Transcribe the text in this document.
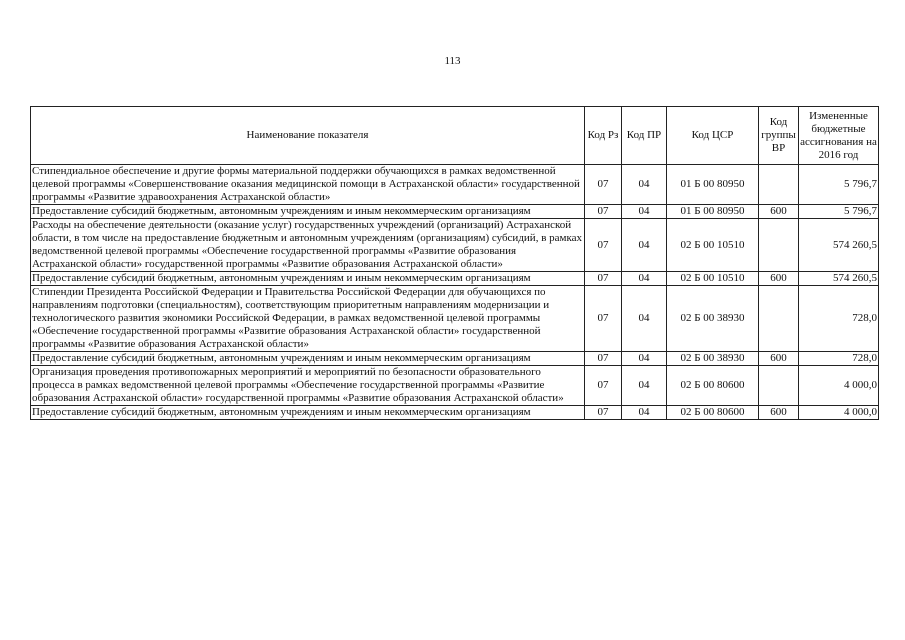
113
Наименование показателя	Код Рз	Код ПР	Код ЦСР	Код группы ВР	Измененные бюджетные ассигнования на 2016 год
Стипендиальное обеспечение и другие формы материальной поддержки обучающихся в рамках ведомственной целевой программы «Совершенствование оказания медицинской помощи в Астраханской области» государственной программы «Развитие здравоохранения Астраханской области»	07	04	01 Б 00 80950		5 796,7
Предоставление субсидий бюджетным, автономным учреждениям и иным некоммерческим организациям	07	04	01 Б 00 80950	600	5 796,7
Расходы на обеспечение деятельности (оказание услуг) государственных учреждений (организаций) Астраханской области, в том числе на предоставление бюджетным и автономным учреждениям (организациям) субсидий, в рамках ведомственной целевой программы «Обеспечение государственной программы «Развитие образования Астраханской области» государственной программы «Развитие образования Астраханской области»	07	04	02 Б 00 10510		574 260,5
Предоставление субсидий бюджетным, автономным учреждениям и иным некоммерческим организациям	07	04	02 Б 00 10510	600	574 260,5
Стипендии Президента Российской Федерации и Правительства Российской Федерации для обучающихся по направлениям подготовки (специальностям), соответствующим приоритетным направлениям модернизации и технологического развития экономики Российской Федерации, в рамках ведомственной целевой программы «Обеспечение государственной программы «Развитие образования Астраханской области» государственной программы «Развитие образования Астраханской области»	07	04	02 Б 00 38930		728,0
Предоставление субсидий бюджетным, автономным учреждениям и иным некоммерческим организациям	07	04	02 Б 00 38930	600	728,0
Организация проведения противопожарных мероприятий и мероприятий по безопасности образовательного процесса в рамках ведомственной целевой программы «Обеспечение государственной программы «Развитие образования Астраханской области» государственной программы «Развитие образования Астраханской области»	07	04	02 Б 00 80600		4 000,0
Предоставление субсидий бюджетным, автономным учреждениям и иным некоммерческим организациям	07	04	02 Б 00 80600	600	4 000,0
